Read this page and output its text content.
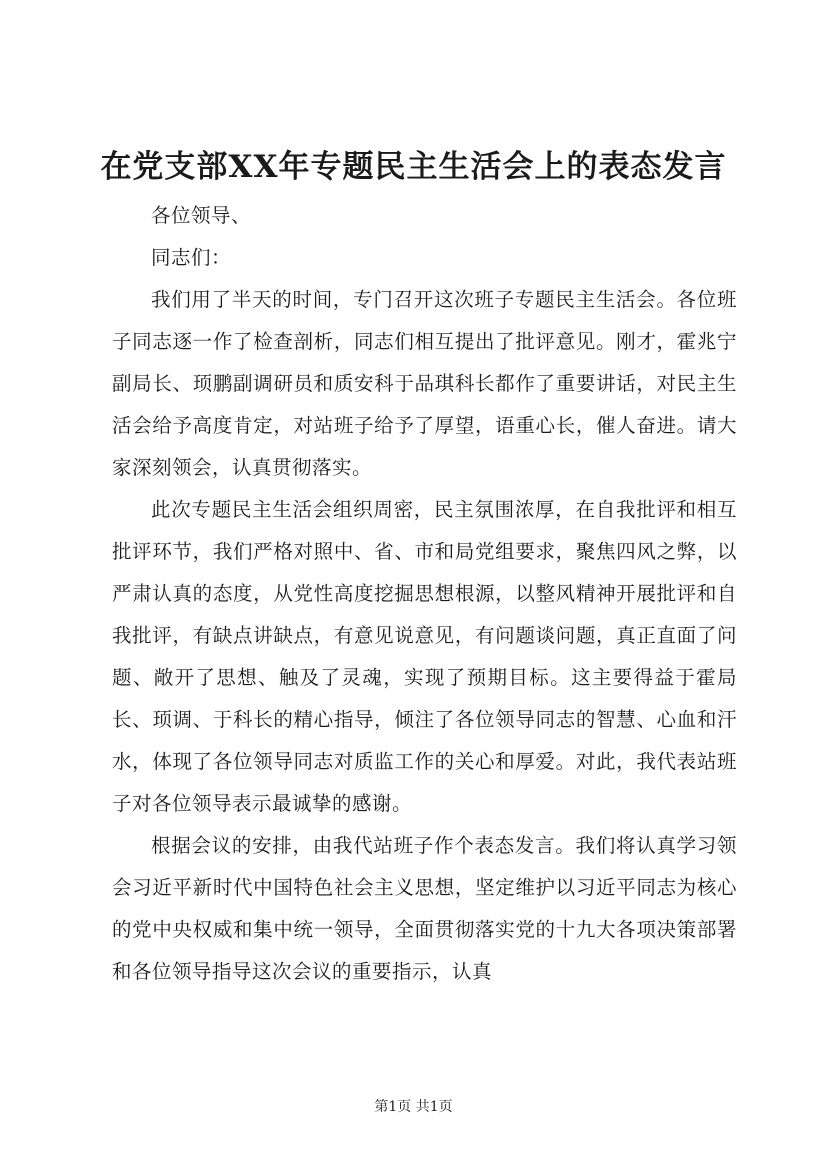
在党支部XX年专题民主生活会上的表态发言

各位领导、

同志们：

我们用了半天的时间，专门召开这次班子专题民主生活会。各位班子同志逐一作了检查剖析，同志们相互提出了批评意见。刚才，霍兆宁副局长、顼鹏副调研员和质安科于品琪科长都作了重要讲话，对民主生活会给予高度肯定，对站班子给予了厚望，语重心长，催人奋进。请大家深刻领会，认真贯彻落实。

此次专题民主生活会组织周密，民主氛围浓厚，在自我批评和相互批评环节，我们严格对照中、省、市和局党组要求，聚焦四风之弊，以严肃认真的态度，从党性高度挖掘思想根源，以整风精神开展批评和自我批评，有缺点讲缺点，有意见说意见，有问题谈问题，真正直面了问题、敞开了思想、触及了灵魂，实现了预期目标。这主要得益于霍局长、顼调、于科长的精心指导，倾注了各位领导同志的智慧、心血和汗水，体现了各位领导同志对质监工作的关心和厚爱。对此，我代表站班子对各位领导表示最诚挚的感谢。

根据会议的安排，由我代站班子作个表态发言。我们将认真学习领会习近平新时代中国特色社会主义思想，坚定维护以习近平同志为核心的党中央权威和集中统一领导，全面贯彻落实党的十九大各项决策部署和各位领导指导这次会议的重要指示，认真

第1页 共1页
